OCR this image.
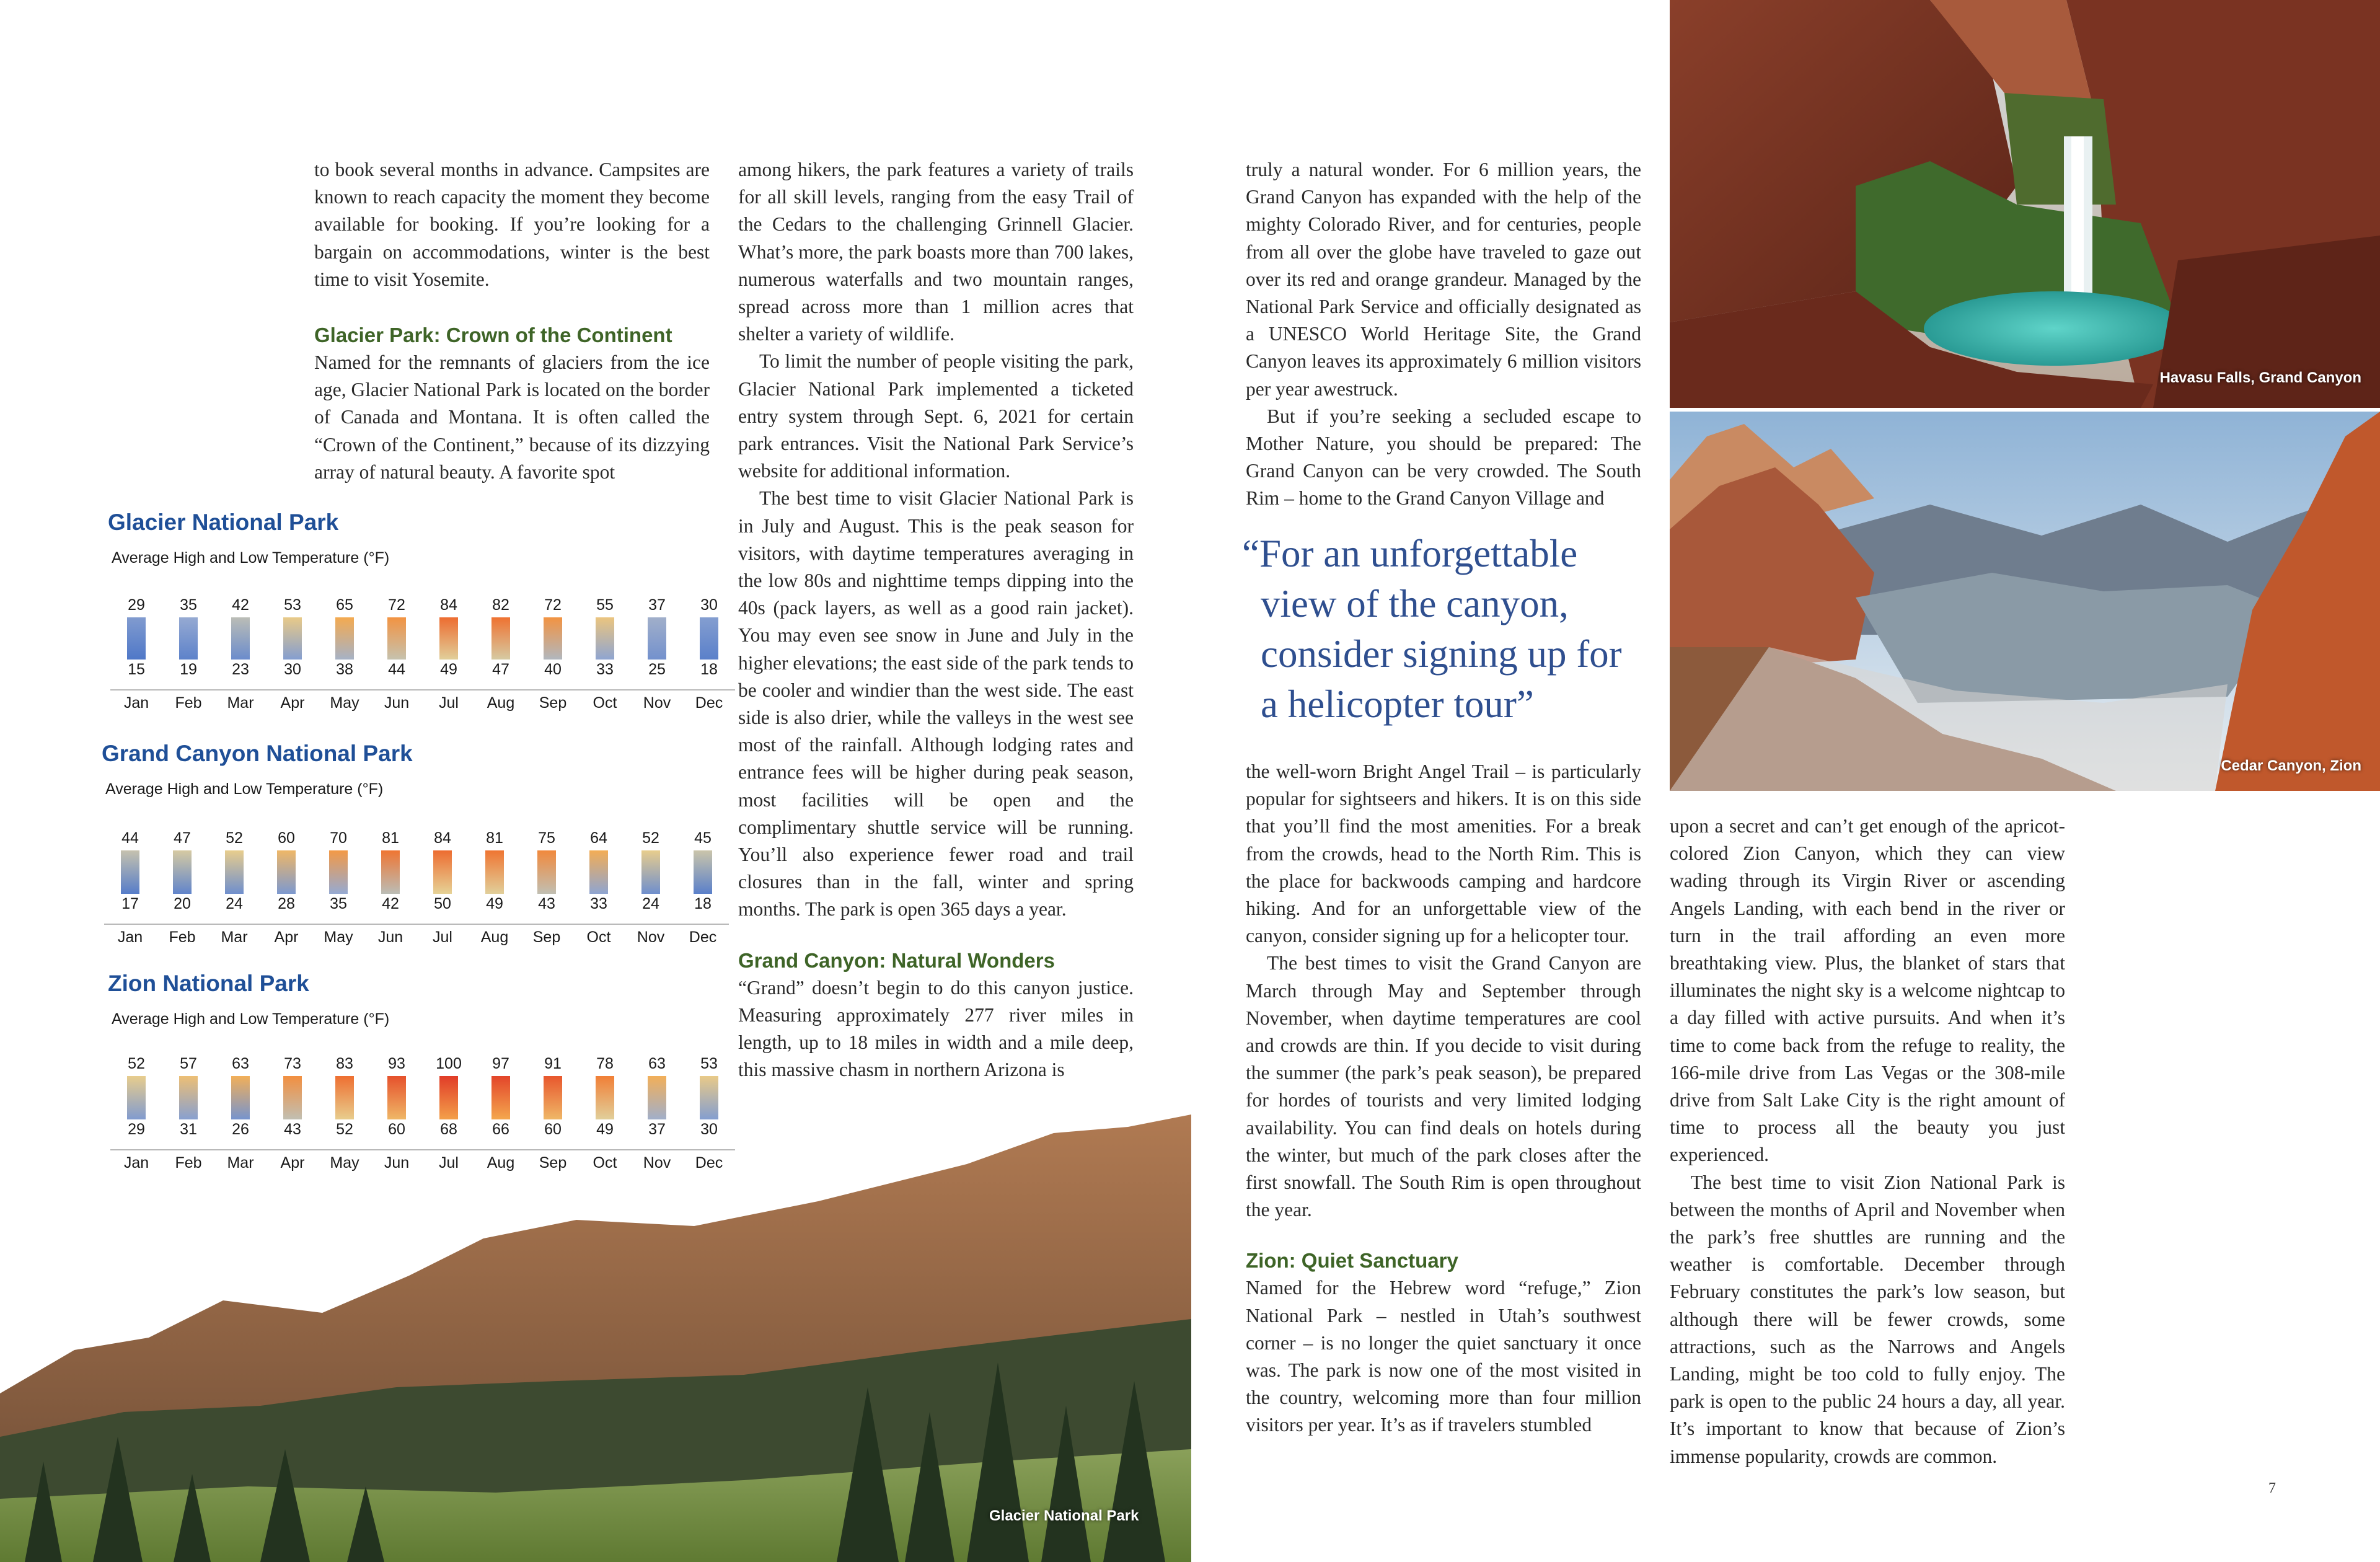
to book several months in advance. Campsites are known to reach capacity the moment they become available for booking. If you’re looking for a bargain on accommodations, winter is the best time to visit Yosemite.

Glacier Park: Crown of the Continent

Named for the remnants of glaciers from the ice age, Glacier National Park is located on the border of Canada and Montana. It is often called the “Crown of the Continent,” because of its dizzying array of natural beauty. A favorite spot

among hikers, the park features a variety of trails for all skill levels, ranging from the easy Trail of the Cedars to the challenging Grinnell Glacier. What’s more, the park boasts more than 700 lakes, numerous waterfalls and two mountain ranges, spread across more than 1 million acres that shelter a variety of wildlife.

To limit the number of people visiting the park, Glacier National Park implemented a ticketed entry system through Sept. 6, 2021 for certain park entrances. Visit the National Park Service’s website for additional information.

The best time to visit Glacier National Park is in July and August. This is the peak season for visitors, with daytime temperatures averaging in the low 80s and nighttime temps dipping into the 40s (pack layers, as well as a good rain jacket). You may even see snow in June and July in the higher elevations; the east side of the park tends to be cooler and windier than the west side. The east side is also drier, while the valleys in the west see most of the rainfall. Although lodging rates and entrance fees will be higher during peak season, most facilities will be open and the complimentary shuttle service will be running. You’ll also experience fewer road and trail closures than in the fall, winter and spring months. The park is open 365 days a year.

Grand Canyon: Natural Wonders

“Grand” doesn’t begin to do this canyon justice. Measuring approximately 277 river miles in length, up to 18 miles in width and a mile deep, this massive chasm in northern Arizona is

truly a natural wonder. For 6 million years, the Grand Canyon has expanded with the help of the mighty Colorado River, and for centuries, people from all over the globe have traveled to gaze out over its red and orange grandeur. Managed by the National Park Service and officially designated as a UNESCO World Heritage Site, the Grand Canyon leaves its approximately 6 million visitors per year awestruck.

But if you’re seeking a secluded escape to Mother Nature, you should be prepared: The Grand Canyon can be very crowded. The South Rim – home to the Grand Canyon Village and

“For an unforgettable
view of the canyon,
consider signing up for
a helicopter tour”

the well-worn Bright Angel Trail – is particularly popular for sightseers and hikers. It is on this side that you’ll find the most amenities. For a break from the crowds, head to the North Rim. This is the place for backwoods camping and hardcore hiking. And for an unforgettable view of the canyon, consider signing up for a helicopter tour.

The best times to visit the Grand Canyon are March through May and September through November, when daytime temperatures are cool and crowds are thin. If you decide to visit during the summer (the park’s peak season), be prepared for hordes of tourists and very limited lodging availability. You can find deals on hotels during the winter, but much of the park closes after the first snowfall. The South Rim is open throughout the year.

Zion: Quiet Sanctuary

Named for the Hebrew word “refuge,” Zion National Park – nestled in Utah’s southwest corner – is no longer the quiet sanctuary it once was. The park is now one of the most visited in the country, welcoming more than four million visitors per year. It’s as if travelers stumbled

upon a secret and can’t get enough of the apricot-colored Zion Canyon, which they can view wading through its Virgin River or ascending Angels Landing, with each bend in the river or turn in the trail affording an even more breathtaking view. Plus, the blanket of stars that illuminates the night sky is a welcome nightcap to a day filled with active pursuits. And when it’s time to come back from the refuge to reality, the 166-mile drive from Las Vegas or the 308-mile drive from Salt Lake City is the right amount of time to process all the beauty you just experienced.

The best time to visit Zion National Park is between the months of April and November when the park’s free shuttles are running and the weather is comfortable. December through February constitutes the park’s low season, but although there will be fewer crowds, some attractions, such as the Narrows and Angels Landing, might be too cold to fully enjoy. The park is open to the public 24 hours a day, all year. It’s important to know that because of Zion’s immense popularity, crowds are common.

Glacier National Park
Average High and Low Temperature (°F)
29
15
Jan
35
19
Feb
42
23
Mar
53
30
Apr
65
38
May
72
44
Jun
84
49
Jul
82
47
Aug
72
40
Sep
55
33
Oct
37
25
Nov
30
18
Dec
Grand Canyon National Park
Average High and Low Temperature (°F)
44
17
Jan
47
20
Feb
52
24
Mar
60
28
Apr
70
35
May
81
42
Jun
84
50
Jul
81
49
Aug
75
43
Sep
64
33
Oct
52
24
Nov
45
18
Dec
Zion National Park
Average High and Low Temperature (°F)
52
29
Jan
57
31
Feb
63
26
Mar
73
43
Apr
83
52
May
93
60
Jun
100
68
Jul
97
66
Aug
91
60
Sep
78
49
Oct
63
37
Nov
53
30
Dec
Havasu Falls, Grand Canyon
Cedar Canyon, Zion
Glacier National Park
7
